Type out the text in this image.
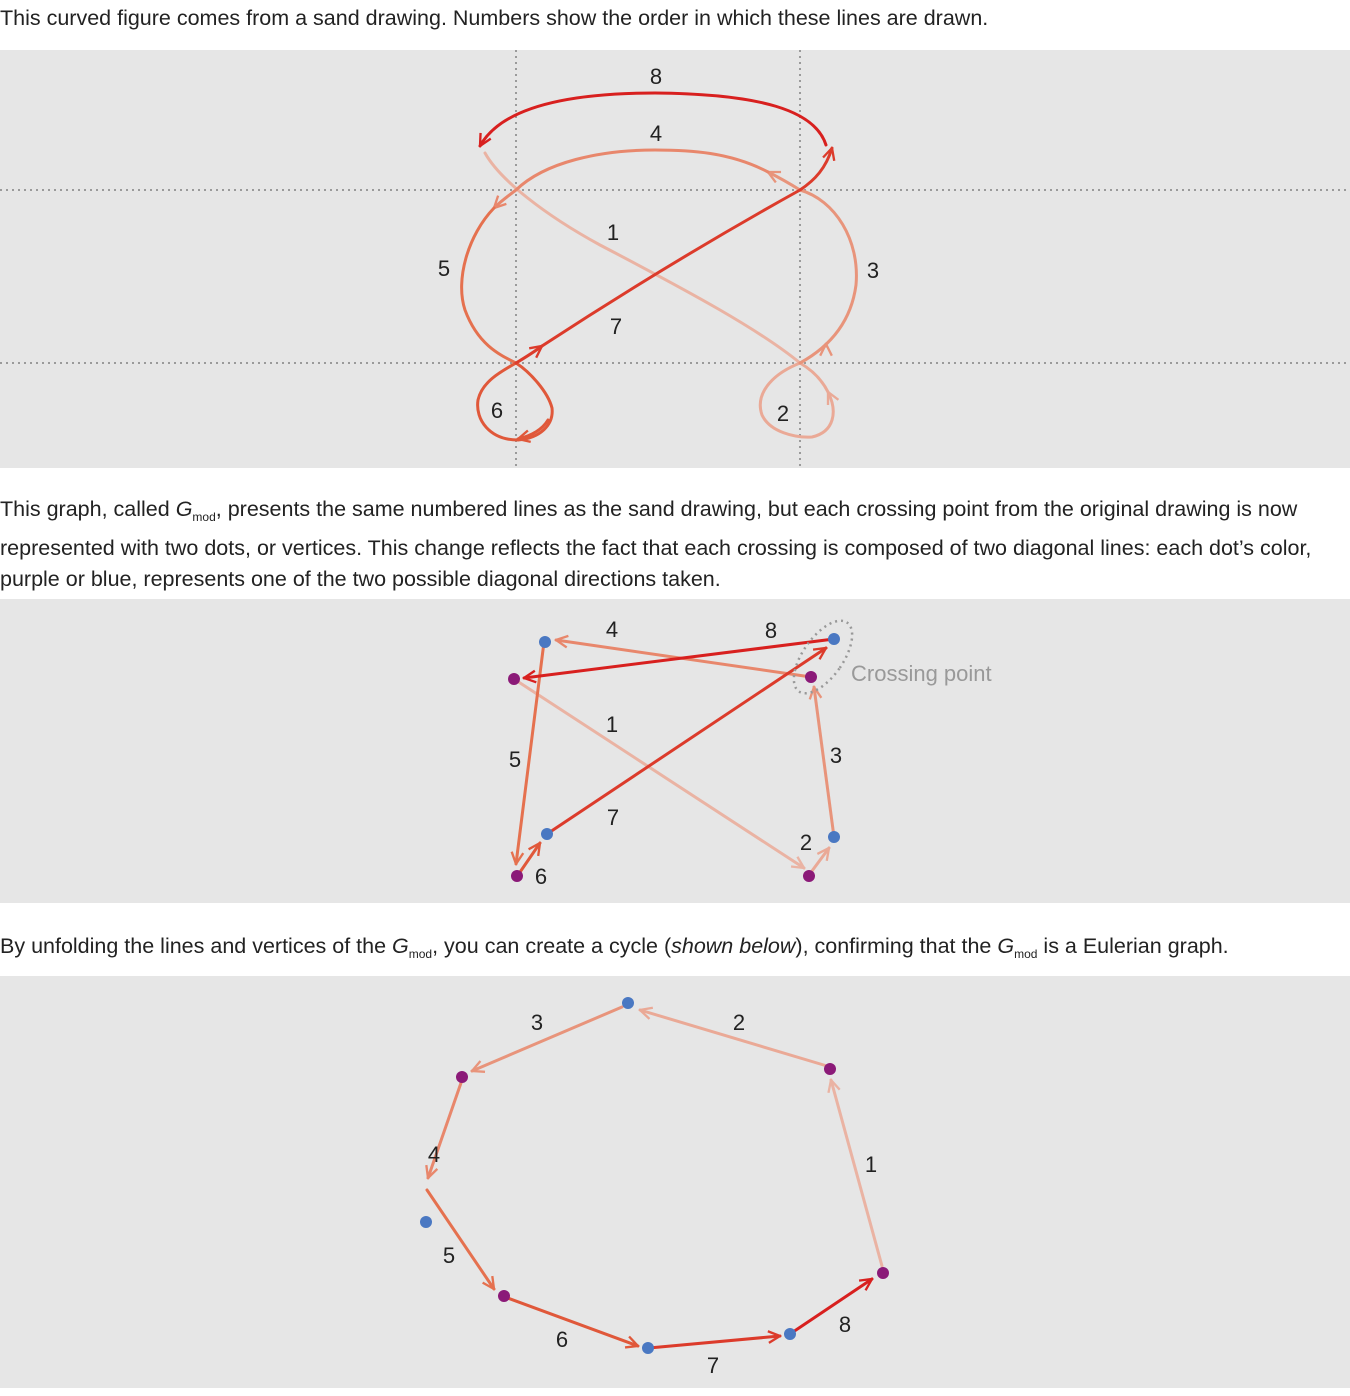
This curved figure comes from a sand drawing. Numbers show the order in which these lines are drawn.

1
2
3
4
5
6
7
8

This graph, called $G_{mod}$, presents the same numbered lines as the sand drawing, but each crossing point from the original drawing is now represented with two dots, or vertices. This change reflects the fact that each crossing is composed of two diagonal lines: each dot’s color, purple or blue, represents one of the two possible diagonal directions taken.

1
2
3
4
5
6
7
8
Crossing point

By unfolding the lines and vertices of the $G_{mod}$, you can create a cycle (shown below), confirming that the $G_{mod}$ is a Eulerian graph.

1
2
3
4
5
6
7
8
